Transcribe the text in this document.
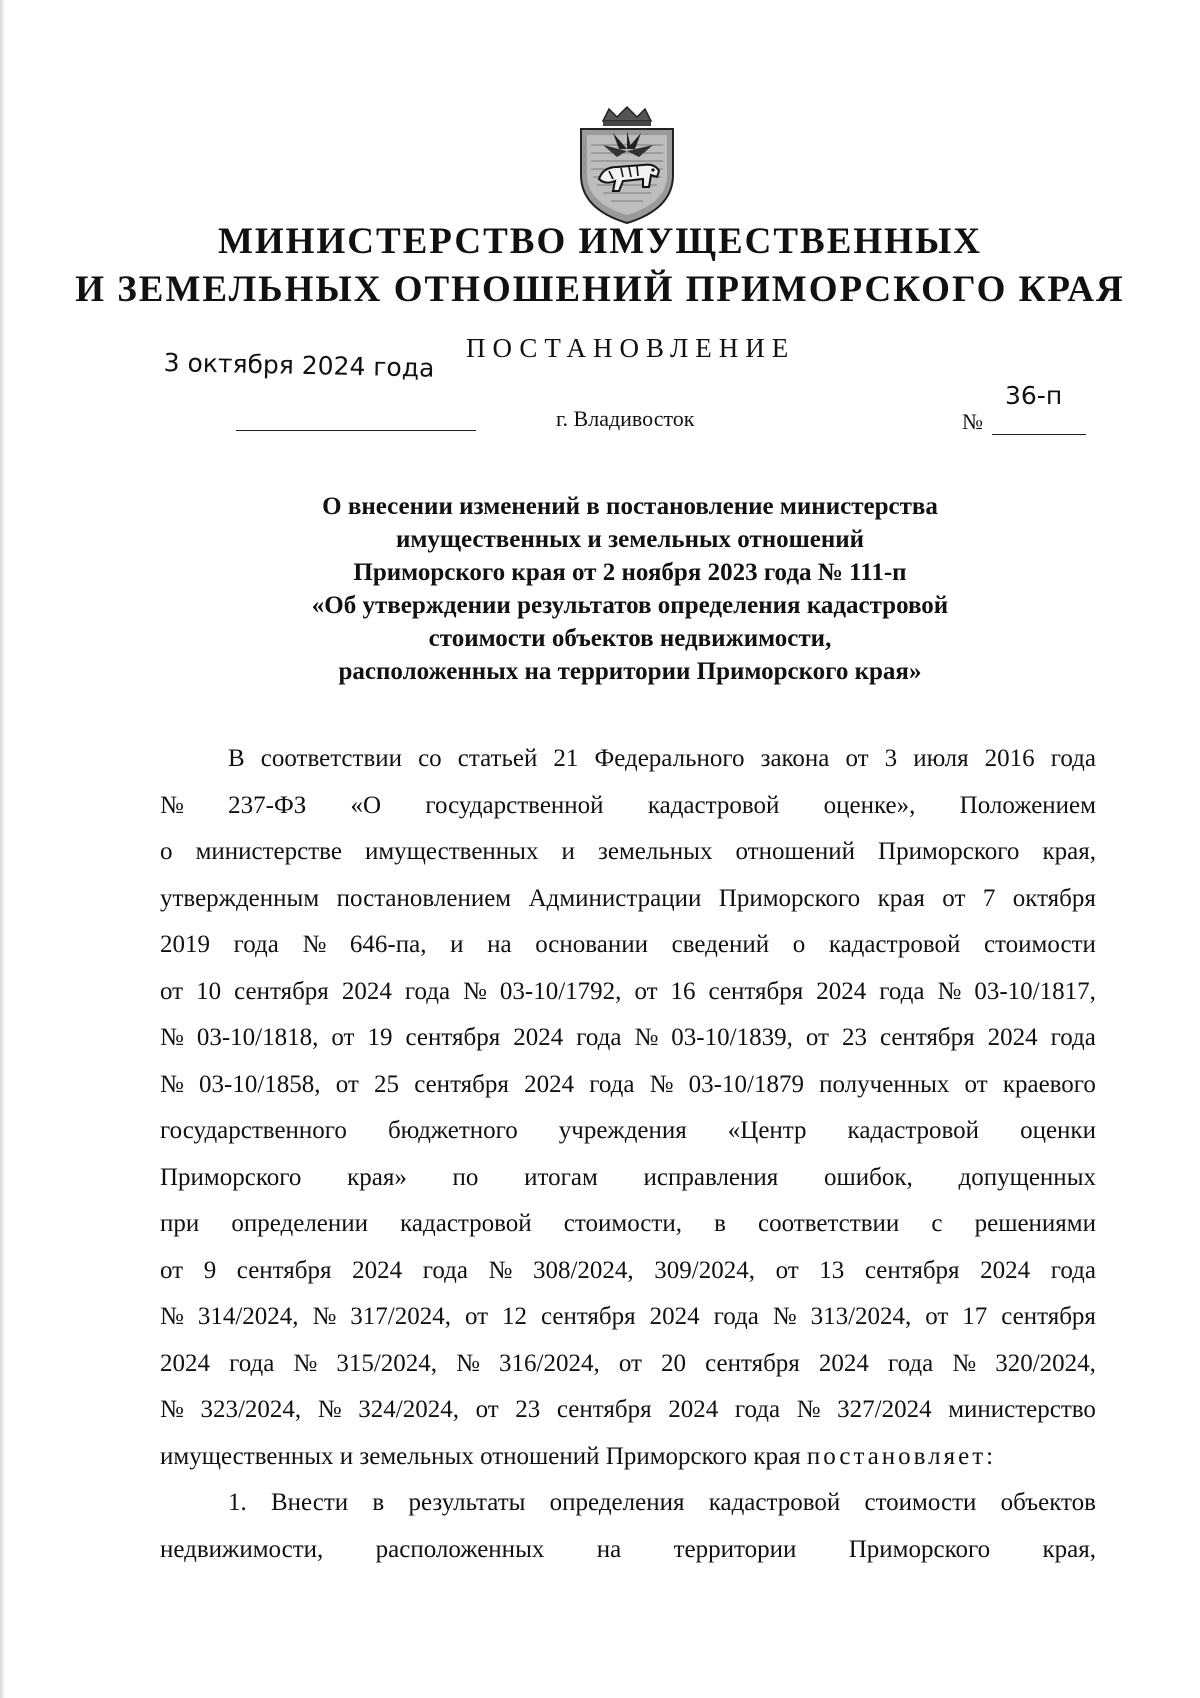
МИНИСТЕРСТВО ИМУЩЕСТВЕННЫХ
И ЗЕМЕЛЬНЫХ ОТНОШЕНИЙ ПРИМОРСКОГО КРАЯ
ПОСТАНОВЛЕНИЕ
3 октября 2024 года
г. Владивосток
36-п
№
О внесении изменений в постановление министерства
имущественных и земельных отношений
Приморского края от 2 ноября 2023 года № 111-п
«Об утверждении результатов определения кадастровой
стоимости объектов недвижимости,
расположенных на территории Приморского края»
В соответствии со статьей 21 Федерального закона от 3 июля 2016 года
№ 237-ФЗ «О государственной кадастровой оценке», Положением
о министерстве имущественных и земельных отношений Приморского края,
утвержденным постановлением Администрации Приморского края от 7 октября
2019 года № 646-па, и на основании сведений о кадастровой стоимости
от 10 сентября 2024 года № 03-10/1792, от 16 сентября 2024 года № 03-10/1817,
№ 03-10/1818, от 19 сентября 2024 года № 03-10/1839, от 23 сентября 2024 года
№ 03-10/1858, от 25 сентября 2024 года № 03-10/1879 полученных от краевого
государственного бюджетного учреждения «Центр кадастровой оценки
Приморского края» по итогам исправления ошибок, допущенных
при определении кадастровой стоимости, в соответствии с решениями
от 9 сентября 2024 года № 308/2024, 309/2024, от 13 сентября 2024 года
№ 314/2024, № 317/2024, от 12 сентября 2024 года № 313/2024, от 17 сентября
2024 года № 315/2024, № 316/2024, от 20 сентября 2024 года № 320/2024,
№ 323/2024, № 324/2024, от 23 сентября 2024 года № 327/2024 министерство
имущественных и земельных отношений Приморского края постановляет:
1. Внести в результаты определения кадастровой стоимости объектов
недвижимости, расположенных на территории Приморского края,
